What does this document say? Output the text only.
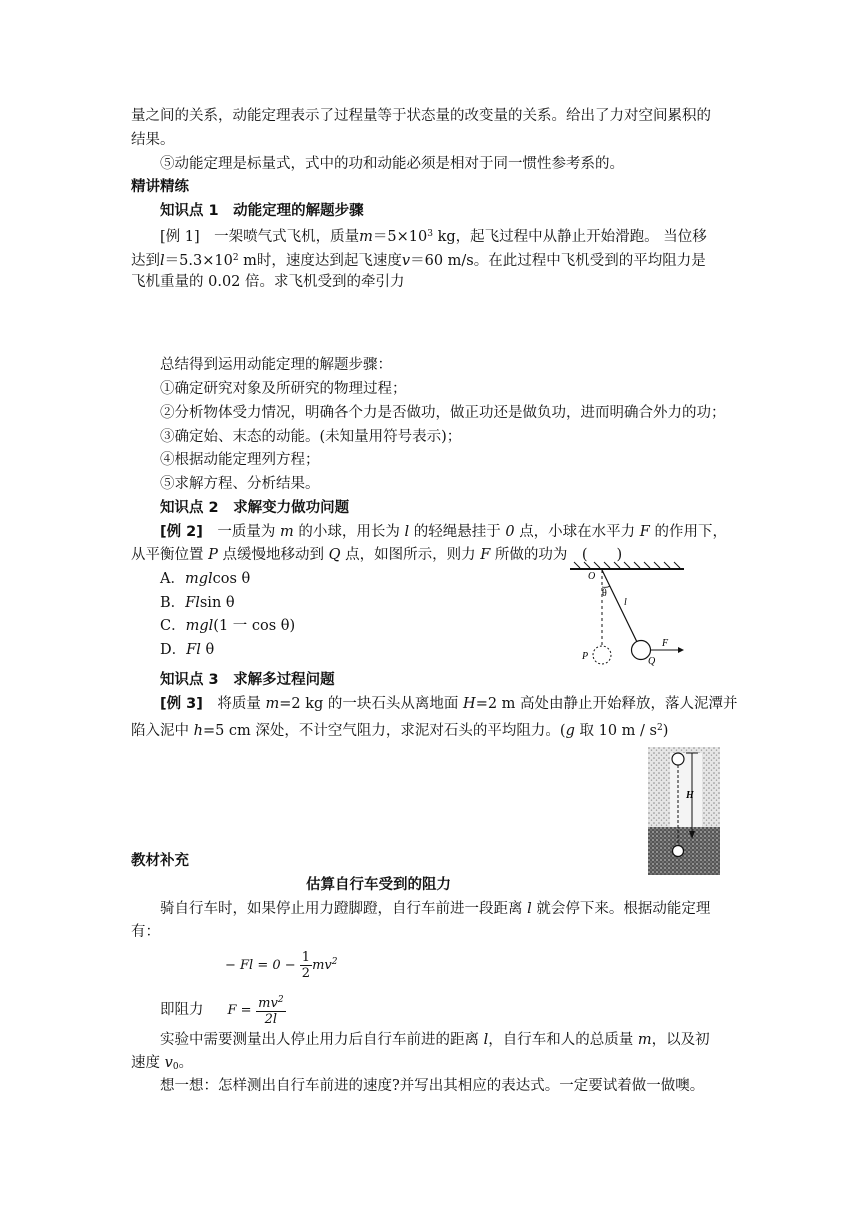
量之间的关系，动能定理表示了过程量等于状态量的改变量的关系。给出了力对空间累积的
结果。
⑤动能定理是标量式，式中的功和动能必须是相对于同一惯性参考系的。
精讲精练
知识点 1　动能定理的解题步骤
[例 1]　 一架喷气式飞机，质量$m=5\times 10^3$ kg，起飞过程中从静止开始滑跑。 当位移
达到$l=5.3\times 10^2$ m时，速度达到起飞速度v＝60 m/s。在此过程中飞机受到的平均阻力是
飞机重量的 0.02 倍。求飞机受到的牵引力
总结得到运用动能定理的解题步骤：
①确定研究对象及所研究的物理过程；
②分析物体受力情况，明确各个力是否做功，做正功还是做负功，进而明确合外力的功；
③确定始、末态的动能。(未知量用符号表示)；
④根据动能定理列方程；
⑤求解方程、分析结果。
知识点 2　求解变力做功问题
[例 2]　 一质量为 m 的小球，用长为 l 的轻绳悬挂于 0 点，小球在水平力 F 的作用下，
从平衡位置 P 点缓慢地移动到 Q 点，如图所示，则力 F 所做的功为　(　　)
A．mglcos θ
B．Flsin θ
C．mgl(1 一 cos θ)
D．Fl θ
O
θ
l
F
P	Q
知识点 3　求解多过程问题
[例 3]　 将质量 m=2 kg 的一块石头从离地面 H=2 m 高处由静止开始释放，落人泥潭并
陷入泥中 h=5 cm 深处，不计空气阻力，求泥对石头的平均阻力。(g 取 10 m / $s^2$)
H
教材补充
估算自行车受到的阻力
骑自行车时，如果停止用力蹬脚蹬，自行车前进一段距离 l 就会停下来。根据动能定理
有：
− $Fl = 0 - \frac{1}{2} mv^2$
即阻力 $F = \frac{mv^2}{2l}$
实验中需要测量出人停止用力后自行车前进的距离 l，自行车和人的总质量 m，以及初
速度 $v_0$。
想一想：怎样测出自行车前进的速度?并写出其相应的表达式。一定要试着做一做噢。
